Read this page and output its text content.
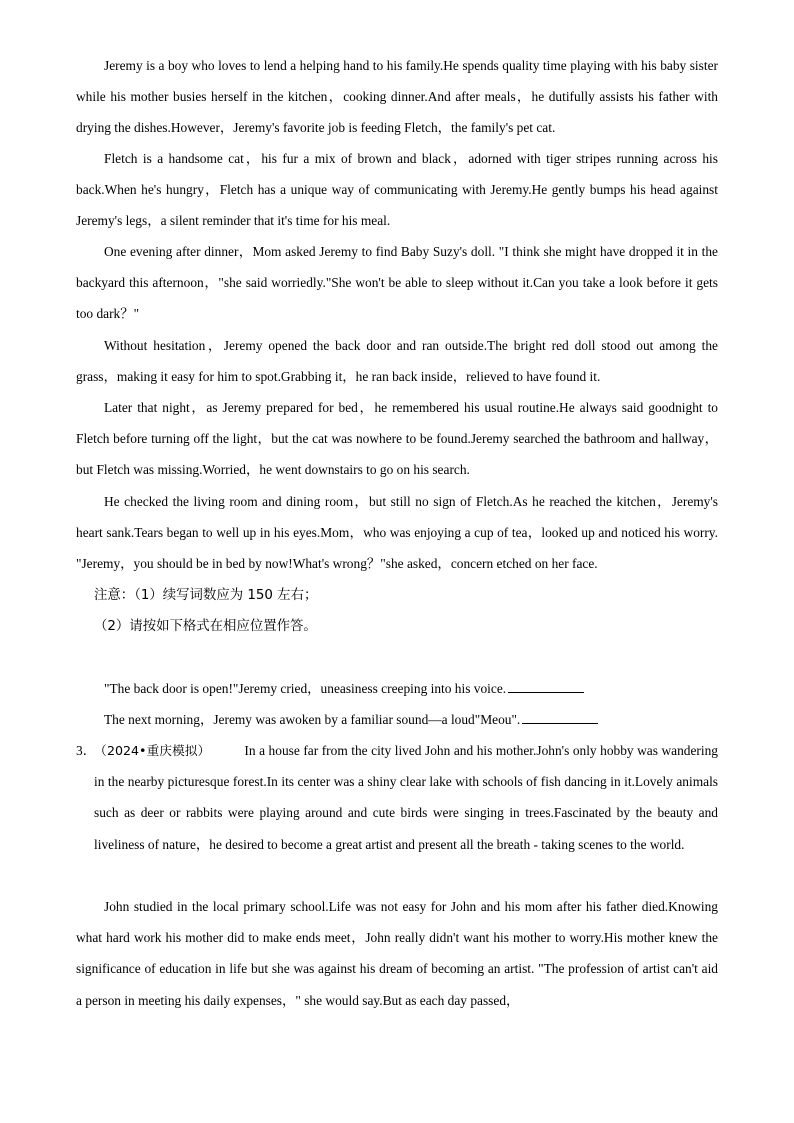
Jeremy is a boy who loves to lend a helping hand to his family.He spends quality time playing with his baby sister while his mother busies herself in the kitchen，cooking dinner.And after meals，he dutifully assists his father with drying the dishes.However，Jeremy's favorite job is feeding Fletch，the family's pet cat.

Fletch is a handsome cat，his fur a mix of brown and black，adorned with tiger stripes running across his back.When he's hungry，Fletch has a unique way of communicating with Jeremy.He gently bumps his head against Jeremy's legs，a silent reminder that it's time for his meal.

One evening after dinner，Mom asked Jeremy to find Baby Suzy's doll. "I think she might have dropped it in the backyard this afternoon，"she said worriedly."She won't be able to sleep without it.Can you take a look before it gets too dark？"

Without hesitation，Jeremy opened the back door and ran outside.The bright red doll stood out among the grass，making it easy for him to spot.Grabbing it，he ran back inside，relieved to have found it.

Later that night，as Jeremy prepared for bed，he remembered his usual routine.He always said goodnight to Fletch before turning off the light，but the cat was nowhere to be found.Jeremy searched the bathroom and hallway，but Fletch was missing.Worried，he went downstairs to go on his search.

He checked the living room and dining room，but still no sign of Fletch.As he reached the kitchen，Jeremy's heart sank.Tears began to well up in his eyes.Mom，who was enjoying a cup of tea，looked up and noticed his worry. "Jeremy，you should be in bed by now!What's wrong？"she asked，concern etched on her face.

注意：（1）续写词数应为 150 左右；

（2）请按如下格式在相应位置作答。

"The back door is open!"Jeremy cried，uneasiness creeping into his voice.

The next morning，Jeremy was awoken by a familiar sound—a loud"Meou".

3．（2024•重庆模拟）	In a house far from the city lived John and his mother.John's only hobby was wandering in the nearby picturesque forest.In its center was a shiny clear lake with schools of fish dancing in it.Lovely animals such as deer or rabbits were playing around and cute birds were singing in trees.Fascinated by the beauty and liveliness of nature，he desired to become a great artist and present all the breath - taking scenes to the world.

John studied in the local primary school.Life was not easy for John and his mom after his father died.Knowing what hard work his mother did to make ends meet，John really didn't want his mother to worry.His mother knew the significance of education in life but she was against his dream of becoming an artist. "The profession of artist can't aid a person in meeting his daily expenses，" she would say.But as each day passed，
